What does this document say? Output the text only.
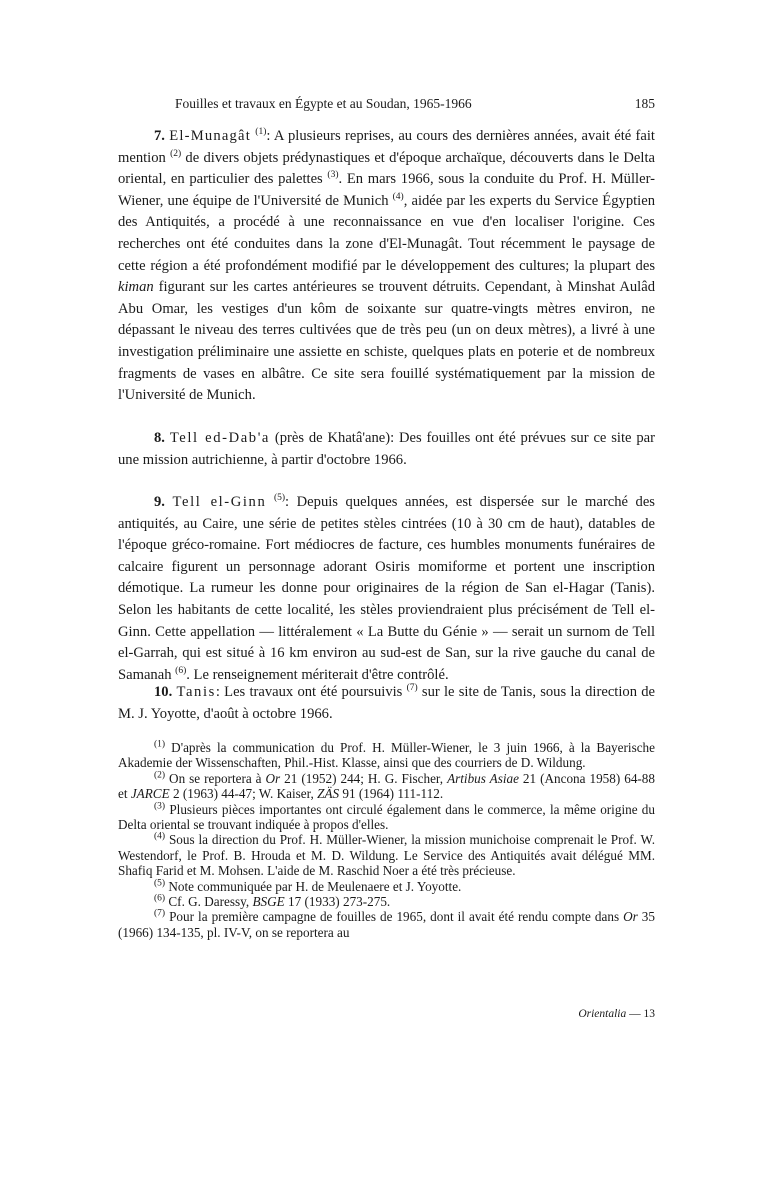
Fouilles et travaux en Égypte et au Soudan, 1965-1966	185

7. El-Munagât $^{(1)}$: A plusieurs reprises, au cours des dernières années, avait été fait mention $^{(2)}$ de divers objets prédynastiques et d'époque archaïque, découverts dans le Delta oriental, en particulier des palettes $^{(3)}$. En mars 1966, sous la conduite du Prof. H. Müller-Wiener, une équipe de l'Université de Munich $^{(4)}$, aidée par les experts du Service Égyptien des Antiquités, a procédé à une reconnaissance en vue d'en localiser l'origine. Ces recherches ont été conduites dans la zone d'El-Munagât. Tout récemment le paysage de cette région a été profondément modifié par le développement des cultures; la plupart des kiman figurant sur les cartes antérieures se trouvent détruits. Cependant, à Minshat Aulâd Abu Omar, les vestiges d'un kôm de soixante sur quatre-vingts mètres environ, ne dépassant le niveau des terres cultivées que de très peu (un on deux mètres), a livré à une investigation préliminaire une assiette en schiste, quelques plats en poterie et de nombreux fragments de vases en albâtre. Ce site sera fouillé systématiquement par la mission de l'Université de Munich.

8. Tell ed-Dab'a (près de Khatâ'ane): Des fouilles ont été prévues sur ce site par une mission autrichienne, à partir d'octobre 1966.

9. Tell el-Ginn $^{(5)}$: Depuis quelques années, est dispersée sur le marché des antiquités, au Caire, une série de petites stèles cintrées (10 à 30 cm de haut), datables de l'époque gréco-romaine. Fort médiocres de facture, ces humbles monuments funéraires de calcaire figurent un personnage adorant Osiris momiforme et portent une inscription démotique. La rumeur les donne pour originaires de la région de San el-Hagar (Tanis). Selon les habitants de cette localité, les stèles proviendraient plus précisément de Tell el-Ginn. Cette appellation — littéralement « La Butte du Génie » — serait un surnom de Tell el-Garrah, qui est situé à 16 km environ au sud-est de San, sur la rive gauche du canal de Samanah $^{(6)}$. Le renseignement mériterait d'être contrôlé.

10. Tanis: Les travaux ont été poursuivis $^{(7)}$ sur le site de Tanis, sous la direction de M. J. Yoyotte, d'août à octobre 1966.

$^{(1)}$ D'après la communication du Prof. H. Müller-Wiener, le 3 juin 1966, à la Bayerische Akademie der Wissenschaften, Phil.-Hist. Klasse, ainsi que des courriers de D. Wildung.

$^{(2)}$ On se reportera à Or 21 (1952) 244; H. G. Fischer, Artibus Asiae 21 (Ancona 1958) 64-88 et JARCE 2 (1963) 44-47; W. Kaiser, ZÄS 91 (1964) 111-112.

$^{(3)}$ Plusieurs pièces importantes ont circulé également dans le commerce, la même origine du Delta oriental se trouvant indiquée à propos d'elles.

$^{(4)}$ Sous la direction du Prof. H. Müller-Wiener, la mission munichoise comprenait le Prof. W. Westendorf, le Prof. B. Hrouda et M. D. Wildung. Le Service des Antiquités avait délégué MM. Shafiq Farid et M. Mohsen. L'aide de M. Raschid Noer a été très précieuse.

$^{(5)}$ Note communiquée par H. de Meulenaere et J. Yoyotte.

$^{(6)}$ Cf. G. Daressy, BSGE 17 (1933) 273-275.

$^{(7)}$ Pour la première campagne de fouilles de 1965, dont il avait été rendu compte dans Or 35 (1966) 134-135, pl. IV-V, on se reportera au

Orientalia — 13
